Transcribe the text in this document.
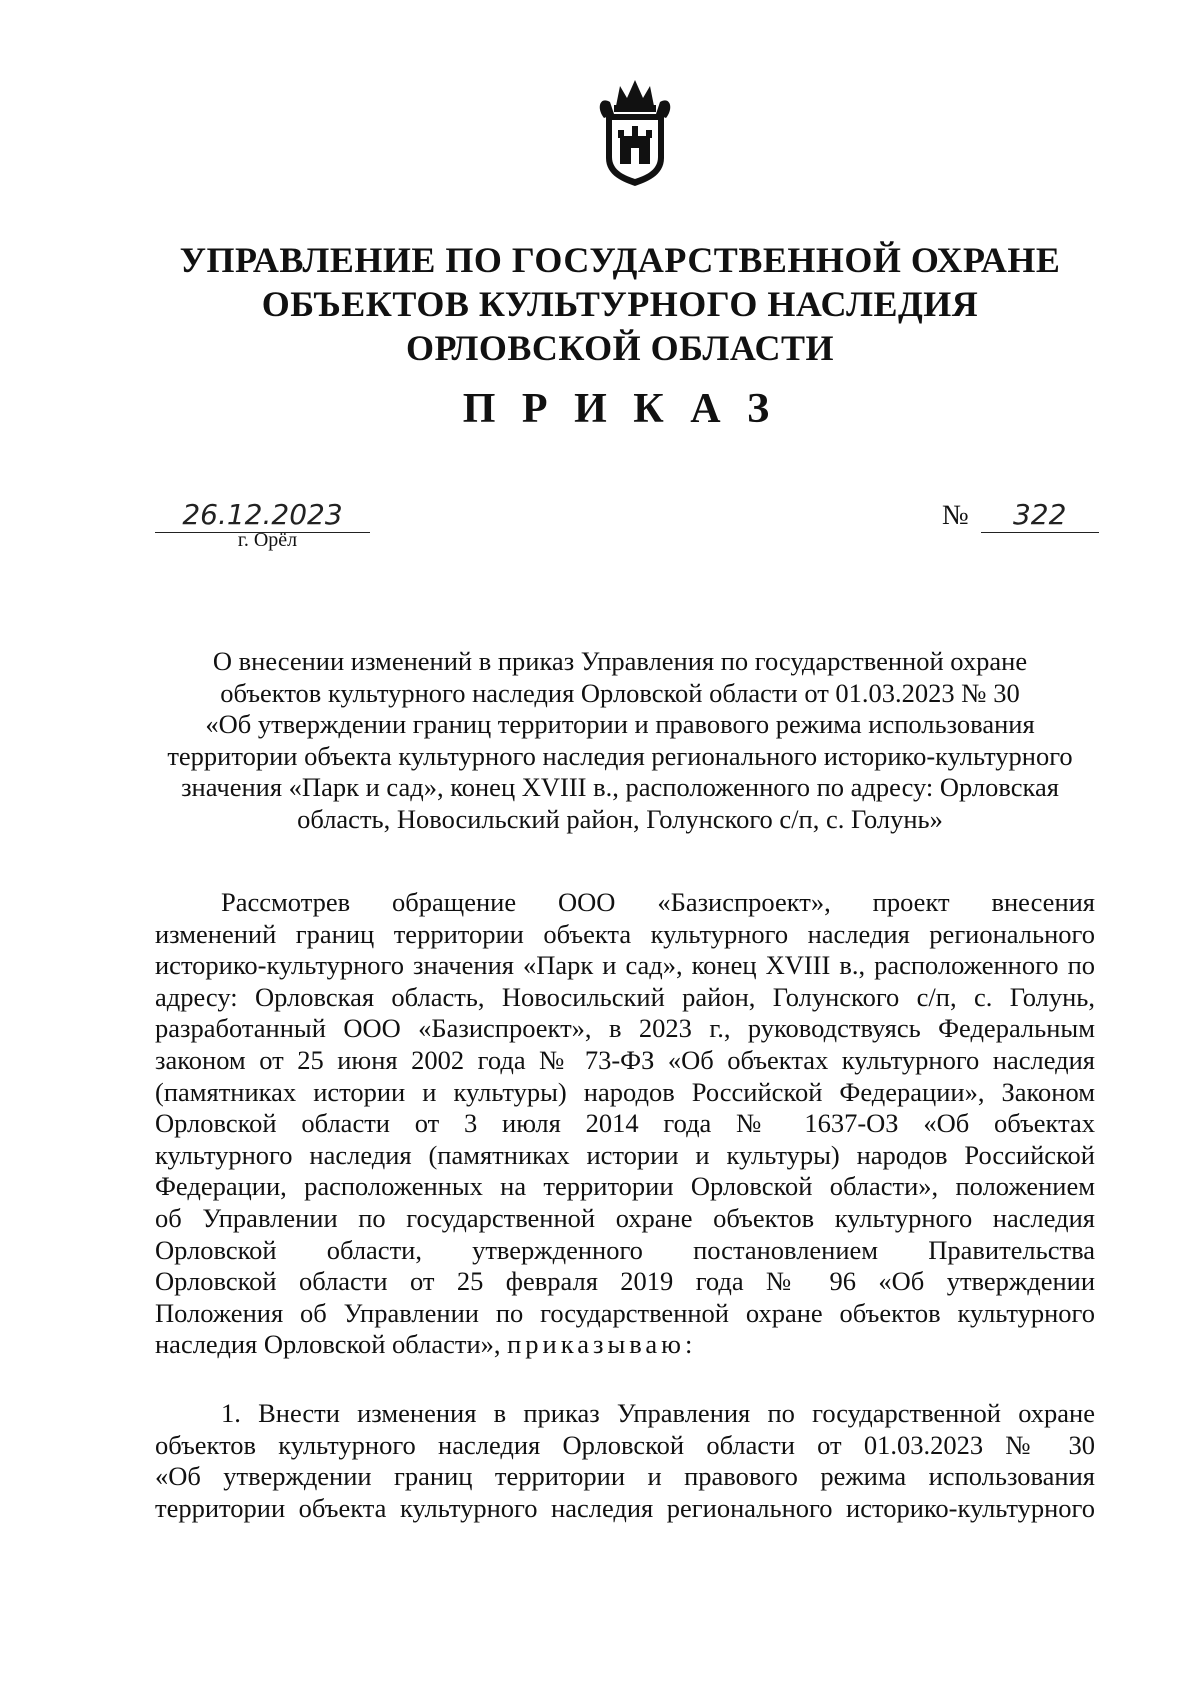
УПРАВЛЕНИЕ ПО ГОСУДАРСТВЕННОЙ ОХРАНЕ
ОБЪЕКТОВ КУЛЬТУРНОГО НАСЛЕДИЯ
ОРЛОВСКОЙ ОБЛАСТИ
П Р И К А З
26.12.2023
г. Орёл
№	322
О внесении изменений в приказ Управления по государственной охране
объектов культурного наследия Орловской области от 01.03.2023 № 30
«Об утверждении границ территории и правового режима использования
территории объекта культурного наследия регионального историко-культурного
значения «Парк и сад», конец XVIII в., расположенного по адресу: Орловская
область, Новосильский район, Голунского с/п, с. Голунь»
Рассмотрев обращение ООО «Базиспроект», проект внесения
изменений границ территории объекта культурного наследия регионального
историко-культурного значения «Парк и сад», конец XVIII в., расположенного по
адресу: Орловская область, Новосильский район, Голунского с/п, с. Голунь,
разработанный ООО «Базиспроект», в 2023 г., руководствуясь Федеральным
законом от 25 июня 2002 года № 73-ФЗ «Об объектах культурного наследия
(памятниках истории и культуры) народов Российской Федерации», Законом
Орловской области от 3 июля 2014 года № 1637-ОЗ «Об объектах
культурного наследия (памятниках истории и культуры) народов Российской
Федерации, расположенных на территории Орловской области», положением
об Управлении по государственной охране объектов культурного наследия
Орловской области, утвержденного постановлением Правительства
Орловской области от 25 февраля 2019 года № 96 «Об утверждении
Положения об Управлении по государственной охране объектов культурного
наследия Орловской области», приказываю:
1. Внести изменения в приказ Управления по государственной охране
объектов культурного наследия Орловской области от 01.03.2023 № 30
«Об утверждении границ территории и правового режима использования
территории объекта культурного наследия регионального историко-культурного
